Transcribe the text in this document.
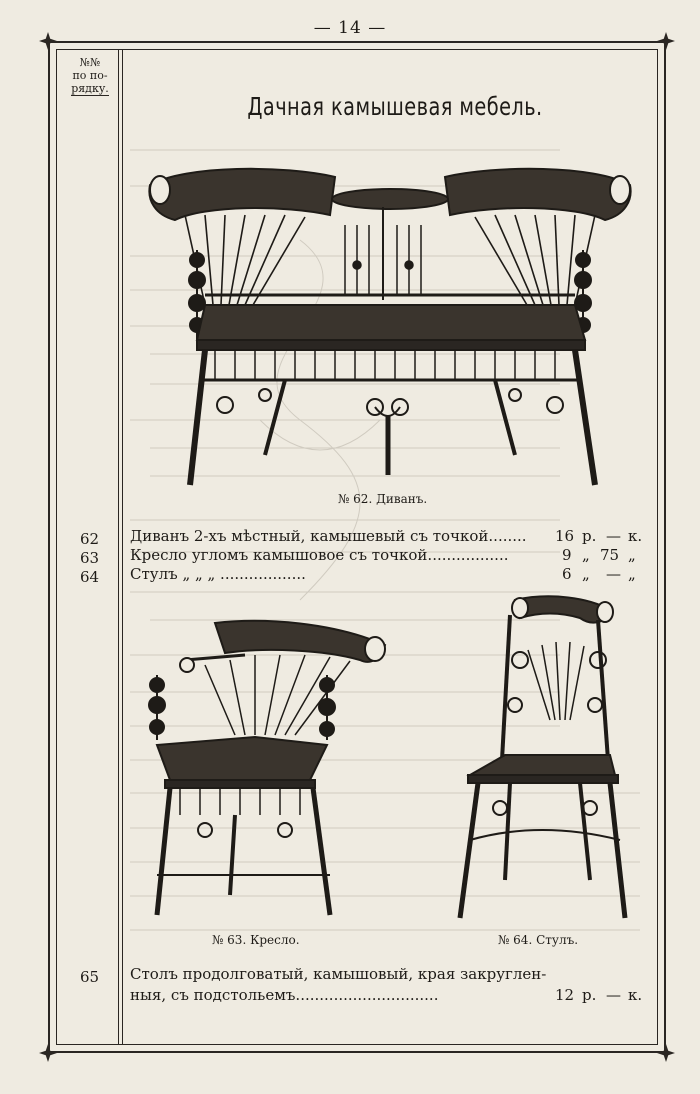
— 14 —
№№
по по-
рядку.
Дачная камышевая мебель.
№ 62. Диванъ.
62	Диванъ 2-хъ мѣстный, камышевый съ точкой........ 16 р. — к.
63	Кресло угломъ камышовое съ точкой.................	9 „ 75 „
64	Стулъ „ „ „ ..................	6 „ — „
№ 63. Кресло.	№ 64. Стулъ.
65	Столъ продолговатый, камышовый, края закруглен-
ныя, съ подстольемъ..............................	12 р. — к.
